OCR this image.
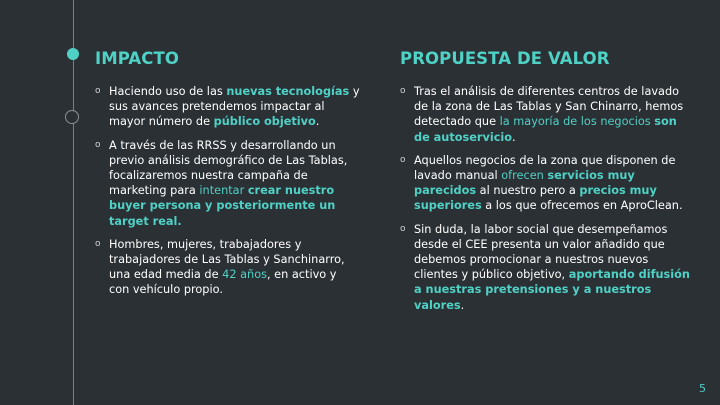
IMPACTO
o Haciendo uso de las nuevas tecnologías y sus avances pretendemos impactar al mayor número de público objetivo.
o A través de las RRSS y desarrollando un previo análisis demográfico de Las Tablas, focalizaremos nuestra campaña de marketing para intentar crear nuestro buyer persona y posteriormente un target real.
o Hombres, mujeres, trabajadores y trabajadores de Las Tablas y Sanchinarro, una edad media de 42 años, en activo y con vehículo propio.
PROPUESTA DE VALOR
o Tras el análisis de diferentes centros de lavado de la zona de Las Tablas y San Chinarro, hemos detectado que la mayoría de los negocios son de autoservicio.
o Aquellos negocios de la zona que disponen de lavado manual ofrecen servicios muy parecidos al nuestro pero a precios muy superiores a los que ofrecemos en AproClean.
o Sin duda, la labor social que desempeñamos desde el CEE presenta un valor añadido que debemos promocionar a nuestros nuevos clientes y público objetivo, aportando difusión a nuestras pretensiones y a nuestros valores.
5
